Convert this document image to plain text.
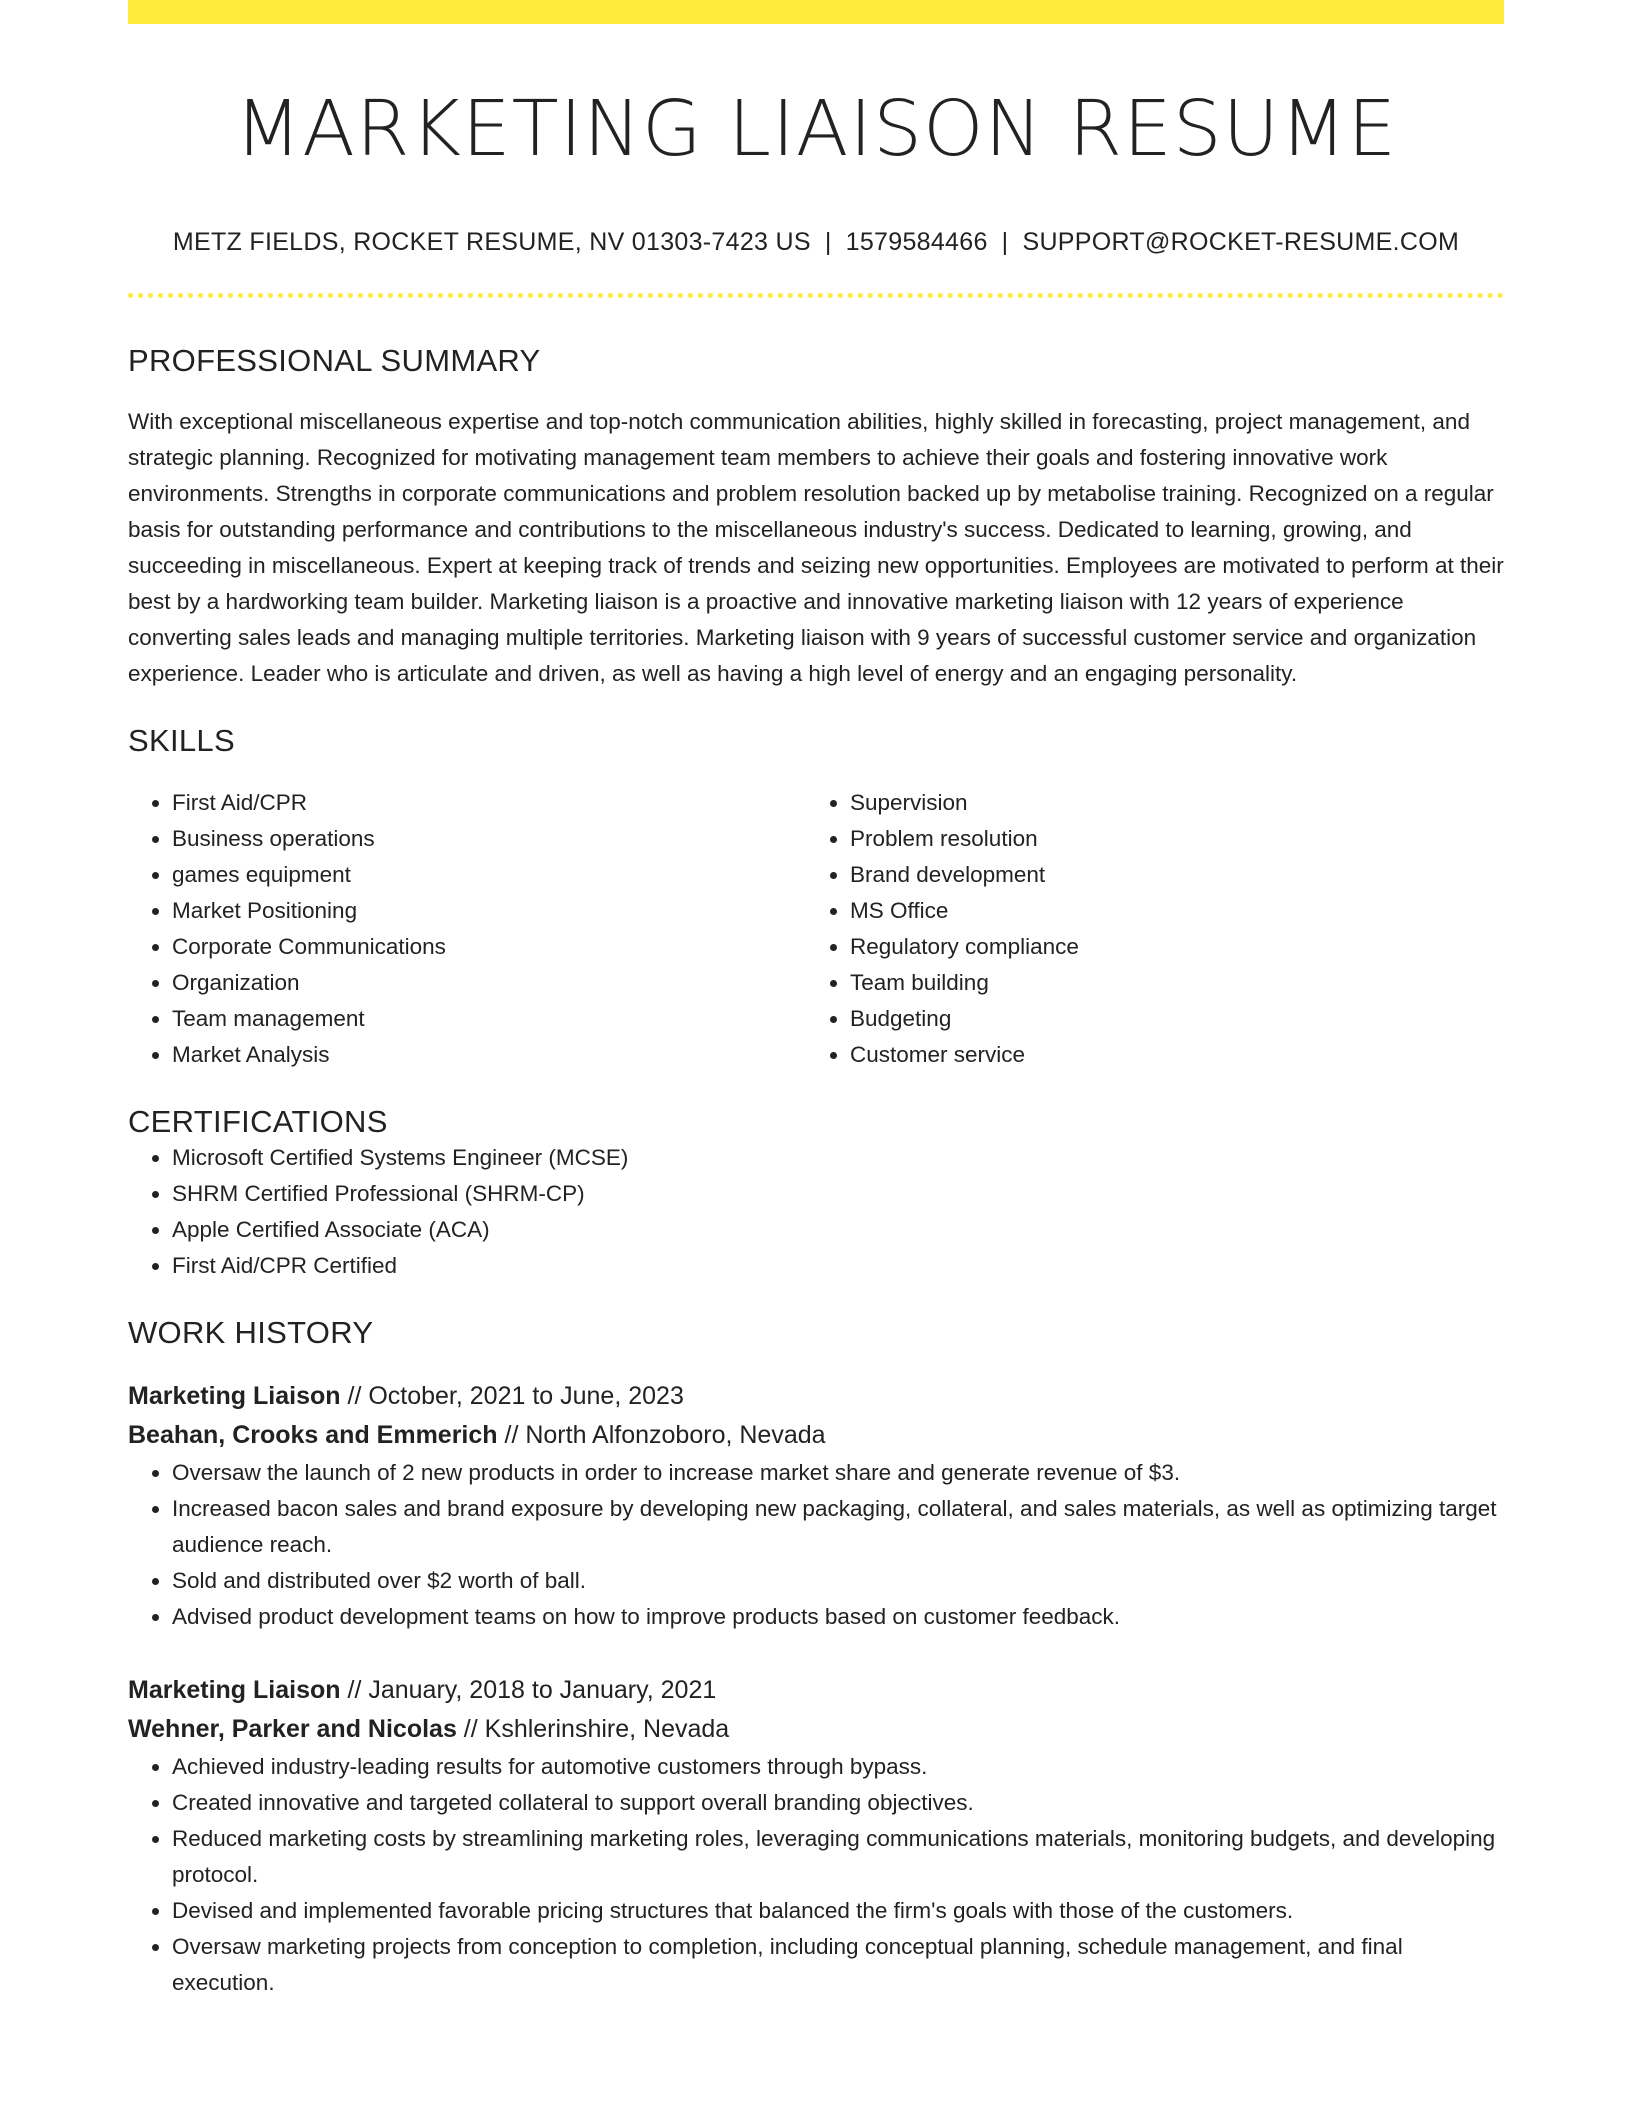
MARKETING LIAISON RESUME
METZ FIELDS, ROCKET RESUME, NV 01303-7423 US | 1579584466 | SUPPORT@ROCKET-RESUME.COM
PROFESSIONAL SUMMARY

With exceptional miscellaneous expertise and top-notch communication abilities, highly skilled in forecasting, project management, and strategic planning. Recognized for motivating management team members to achieve their goals and fostering innovative work environments. Strengths in corporate communications and problem resolution backed up by metabolise training. Recognized on a regular basis for outstanding performance and contributions to the miscellaneous industry's success. Dedicated to learning, growing, and succeeding in miscellaneous. Expert at keeping track of trends and seizing new opportunities. Employees are motivated to perform at their best by a hardworking team builder. Marketing liaison is a proactive and innovative marketing liaison with 12 years of experience converting sales leads and managing multiple territories. Marketing liaison with 9 years of successful customer service and organization experience. Leader who is articulate and driven, as well as having a high level of energy and an engaging personality.

SKILLS
• First Aid/CPR
• Business operations
• games equipment
• Market Positioning
• Corporate Communications
• Organization
• Team management
• Market Analysis
• Supervision
• Problem resolution
• Brand development
• MS Office
• Regulatory compliance
• Team building
• Budgeting
• Customer service
CERTIFICATIONS
• Microsoft Certified Systems Engineer (MCSE)
• SHRM Certified Professional (SHRM-CP)
• Apple Certified Associate (ACA)
• First Aid/CPR Certified
WORK HISTORY
Marketing Liaison // October, 2021 to June, 2023
Beahan, Crooks and Emmerich // North Alfonzoboro, Nevada
• Oversaw the launch of 2 new products in order to increase market share and generate revenue of $3.
• Increased bacon sales and brand exposure by developing new packaging, collateral, and sales materials, as well as optimizing target audience reach.
• Sold and distributed over $2 worth of ball.
• Advised product development teams on how to improve products based on customer feedback.
Marketing Liaison // January, 2018 to January, 2021
Wehner, Parker and Nicolas // Kshlerinshire, Nevada
• Achieved industry-leading results for automotive customers through bypass.
• Created innovative and targeted collateral to support overall branding objectives.
• Reduced marketing costs by streamlining marketing roles, leveraging communications materials, monitoring budgets, and developing protocol.
• Devised and implemented favorable pricing structures that balanced the firm's goals with those of the customers.
• Oversaw marketing projects from conception to completion, including conceptual planning, schedule management, and final execution.
